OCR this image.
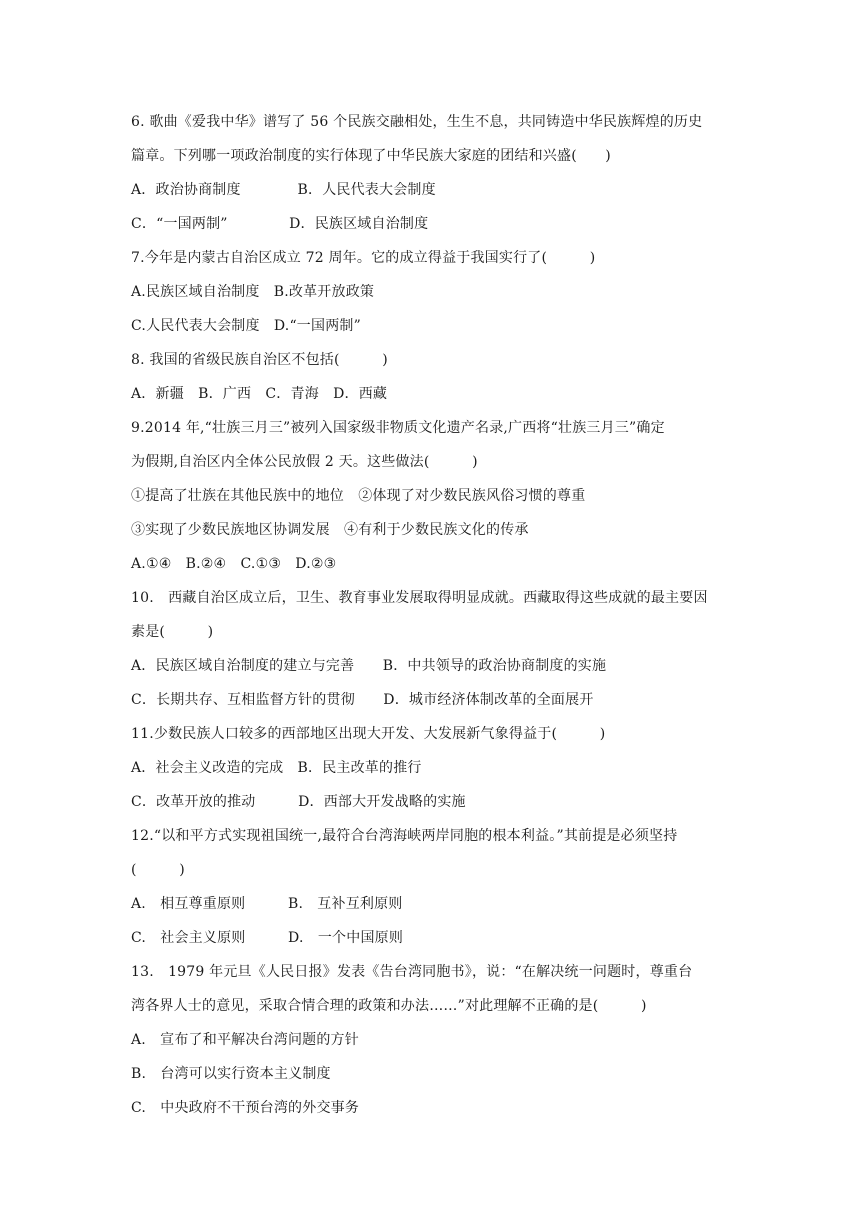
6. 歌曲《爱我中华》谱写了 56 个民族交融相处，生生不息，共同铸造中华民族辉煌的历史
篇章。下列哪一项政治制度的实行体现了中华民族大家庭的团结和兴盛(　　)
A．政治协商制度　　　　B．人民代表大会制度
C．“一国两制”　　　　 D．民族区域自治制度
7.今年是内蒙古自治区成立 72 周年。它的成立得益于我国实行了(　　　)
A.民族区域自治制度　B.改革开放政策
C.人民代表大会制度　D.“一国两制”
8. 我国的省级民族自治区不包括(　　　)
A．新疆　B．广西　C．青海　D．西藏
9.2014 年,“壮族三月三”被列入国家级非物质文化遗产名录,广西将“壮族三月三”确定
为假期,自治区内全体公民放假 2 天。这些做法(　　　)
①提高了壮族在其他民族中的地位　②体现了对少数民族风俗习惯的尊重
③实现了少数民族地区协调发展　④有利于少数民族文化的传承
A.①④　B.②④　C.①③　D.②③
10.　西藏自治区成立后，卫生、教育事业发展取得明显成就。西藏取得这些成就的最主要因
素是(　　　)
A．民族区域自治制度的建立与完善　　B．中共领导的政治协商制度的实施
C．长期共存、互相监督方针的贯彻　　D．城市经济体制改革的全面展开
11.少数民族人口较多的西部地区出现大开发、大发展新气象得益于(　　　)
A．社会主义改造的完成　B．民主改革的推行
C．改革开放的推动　　　D．西部大开发战略的实施
12.“以和平方式实现祖国统一,最符合台湾海峡两岸同胞的根本利益。”其前提是必须坚持
(　　　)
A.　相互尊重原则　　　B.　互补互利原则
C.　社会主义原则　　　D.　一个中国原则
13.　1979 年元旦《人民日报》发表《告台湾同胞书》，说：“在解决统一问题时，尊重台
湾各界人士的意见，采取合情合理的政策和办法……”对此理解不正确的是(　　　)
A.　宣布了和平解决台湾问题的方针
B.　台湾可以实行资本主义制度
C.　中央政府不干预台湾的外交事务
